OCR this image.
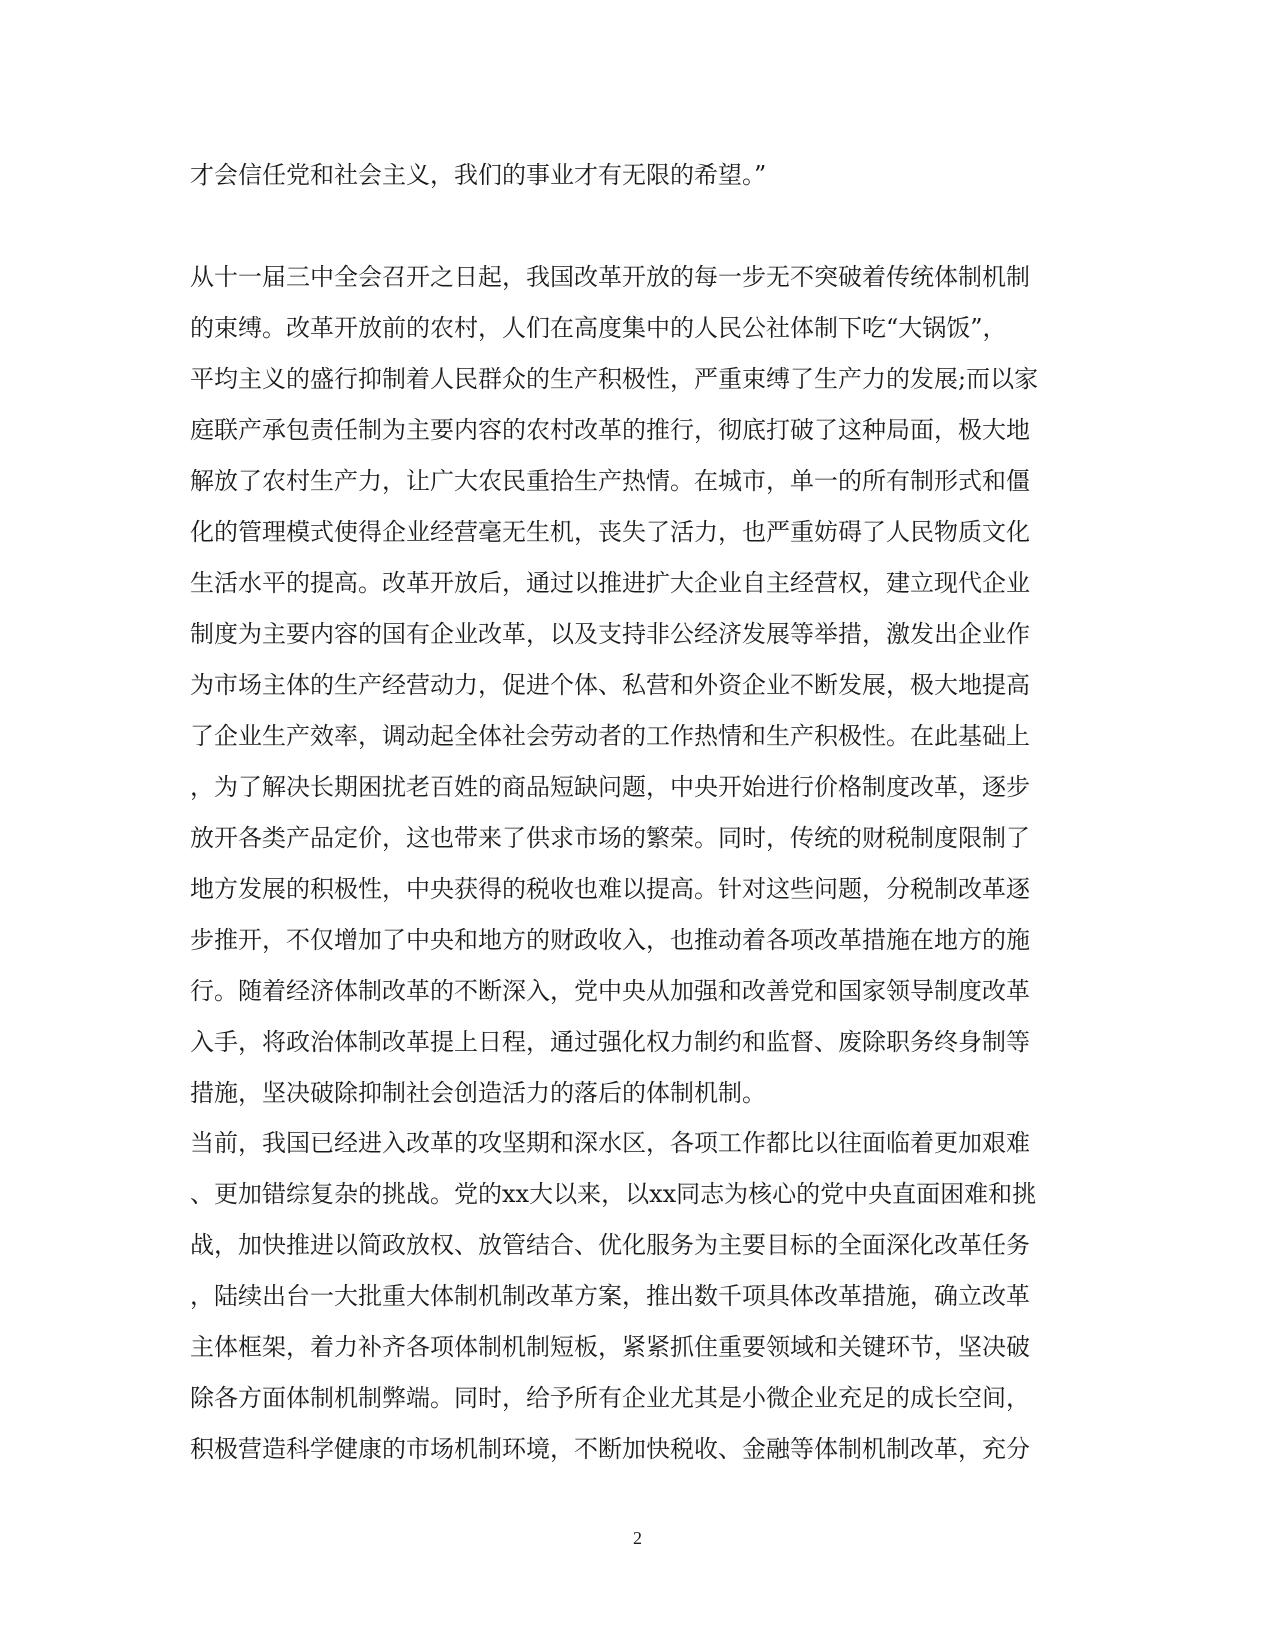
才会信任党和社会主义，我们的事业才有无限的希望。”
从十一届三中全会召开之日起，我国改革开放的每一步无不突破着传统体制机制
的束缚。改革开放前的农村，人们在高度集中的人民公社体制下吃“大锅饭”，
平均主义的盛行抑制着人民群众的生产积极性，严重束缚了生产力的发展;而以家
庭联产承包责任制为主要内容的农村改革的推行，彻底打破了这种局面，极大地
解放了农村生产力，让广大农民重拾生产热情。在城市，单一的所有制形式和僵
化的管理模式使得企业经营毫无生机，丧失了活力，也严重妨碍了人民物质文化
生活水平的提高。改革开放后，通过以推进扩大企业自主经营权，建立现代企业
制度为主要内容的国有企业改革，以及支持非公经济发展等举措，激发出企业作
为市场主体的生产经营动力，促进个体、私营和外资企业不断发展，极大地提高
了企业生产效率，调动起全体社会劳动者的工作热情和生产积极性。在此基础上
，为了解决长期困扰老百姓的商品短缺问题，中央开始进行价格制度改革，逐步
放开各类产品定价，这也带来了供求市场的繁荣。同时，传统的财税制度限制了
地方发展的积极性，中央获得的税收也难以提高。针对这些问题，分税制改革逐
步推开，不仅增加了中央和地方的财政收入，也推动着各项改革措施在地方的施
行。随着经济体制改革的不断深入，党中央从加强和改善党和国家领导制度改革
入手，将政治体制改革提上日程，通过强化权力制约和监督、废除职务终身制等
措施，坚决破除抑制社会创造活力的落后的体制机制。
当前，我国已经进入改革的攻坚期和深水区，各项工作都比以往面临着更加艰难
、更加错综复杂的挑战。党的xx大以来，以xx同志为核心的党中央直面困难和挑
战，加快推进以简政放权、放管结合、优化服务为主要目标的全面深化改革任务
，陆续出台一大批重大体制机制改革方案，推出数千项具体改革措施，确立改革
主体框架，着力补齐各项体制机制短板，紧紧抓住重要领域和关键环节，坚决破
除各方面体制机制弊端。同时，给予所有企业尤其是小微企业充足的成长空间，
积极营造科学健康的市场机制环境，不断加快税收、金融等体制机制改革，充分
2
